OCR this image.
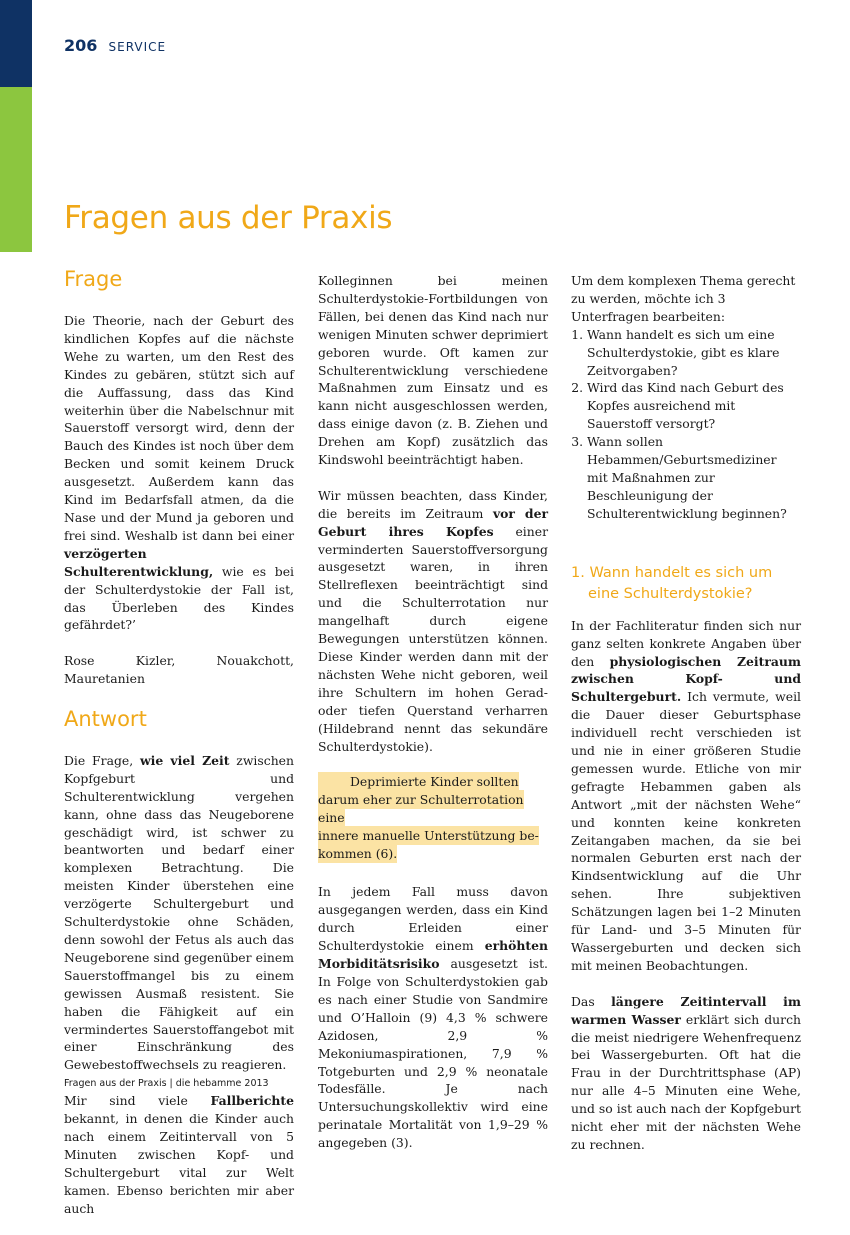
206 SERVICE
Fragen aus der Praxis
Frage

Die Theorie, nach der Geburt des kindlichen Kopfes auf die nächste Wehe zu warten, um den Rest des Kindes zu gebären, stützt sich auf die Auffassung, dass das Kind weiterhin über die Nabelschnur mit Sauerstoff versorgt wird, denn der Bauch des Kindes ist noch über dem Becken und somit keinem Druck ausgesetzt. Außerdem kann das Kind im Bedarfsfall atmen, da die Nase und der Mund ja geboren und frei sind. Weshalb ist dann bei einer verzögerten Schulterentwicklung, wie es bei der Schulterdystokie der Fall ist, das Überleben des Kindes gefährdet?’

Rose Kizler, Nouakchott, Mauretanien

Antwort

Die Frage, wie viel Zeit zwischen Kopfgeburt und Schulterentwicklung vergehen kann, ohne dass das Neugeborene geschädigt wird, ist schwer zu beantworten und bedarf einer komplexen Betrachtung. Die meisten Kinder überstehen eine verzögerte Schultergeburt und Schulterdystokie ohne Schäden, denn sowohl der Fetus als auch das Neugeborene sind gegenüber einem Sauerstoffmangel bis zu einem gewissen Ausmaß resistent. Sie haben die Fähigkeit auf ein vermindertes Sauerstoffangebot mit einer Einschränkung des Gewebestoffwechsels zu reagieren.

Mir sind viele Fallberichte bekannt, in denen die Kinder auch nach einem Zeitintervall von 5 Minuten zwischen Kopf- und Schultergeburt vital zur Welt kamen. Ebenso berichten mir aber auch

Kolleginnen bei meinen Schulterdystokie-Fortbildungen von Fällen, bei denen das Kind nach nur wenigen Minuten schwer deprimiert geboren wurde. Oft kamen zur Schulterentwicklung verschiedene Maßnahmen zum Einsatz und es kann nicht ausgeschlossen werden, dass einige davon (z. B. Ziehen und Drehen am Kopf) zusätzlich das Kindswohl beeinträchtigt haben.

Wir müssen beachten, dass Kinder, die bereits im Zeitraum vor der Geburt ihres Kopfes einer verminderten Sauerstoffversorgung ausgesetzt waren, in ihren Stellreflexen beeinträchtigt sind und die Schulterrotation nur mangelhaft durch eigene Bewegungen unterstützen können. Diese Kinder werden dann mit der nächsten Wehe nicht geboren, weil ihre Schultern im hohen Gerad- oder tiefen Querstand verharren (Hildebrand nennt das sekundäre Schulterdystokie).

Deprimierte Kinder sollten
darum eher zur Schulterrotation eine
innere manuelle Unterstützung be-
kommen (6).

In jedem Fall muss davon ausgegangen werden, dass ein Kind durch Erleiden einer Schulterdystokie einem erhöhten Morbiditätsrisiko ausgesetzt ist. In Folge von Schulterdystokien gab es nach einer Studie von Sandmire und O’Halloin (9) 4,3 % schwere Azidosen, 2,9 % Mekoniumaspirationen, 7,9 % Totgeburten und 2,9 % neonatale Todesfälle. Je nach Untersuchungskollektiv wird eine perinatale Mortalität von 1,9–29 % angegeben (3).

Um dem komplexen Thema gerecht zu werden, möchte ich 3 Unterfragen bearbeiten:

1. Wann handelt es sich um eine Schulterdystokie, gibt es klare Zeitvorgaben?
2. Wird das Kind nach Geburt des Kopfes ausreichend mit Sauerstoff versorgt?
3. Wann sollen Hebammen/Geburtsmediziner mit Maßnahmen zur Beschleunigung der Schulterentwicklung beginnen?
1. Wann handelt es sich um
eine Schulterdystokie?

In der Fachliteratur finden sich nur ganz selten konkrete Angaben über den physiologischen Zeitraum zwischen Kopf- und Schultergeburt. Ich vermute, weil die Dauer dieser Geburtsphase individuell recht verschieden ist und nie in einer größeren Studie gemessen wurde. Etliche von mir gefragte Hebammen gaben als Antwort „mit der nächsten Wehe“ und konnten keine konkreten Zeitangaben machen, da sie bei normalen Geburten erst nach der Kindsentwicklung auf die Uhr sehen. Ihre subjektiven Schätzungen lagen bei 1–2 Minuten für Land- und 3–5 Minuten für Wassergeburten und decken sich mit meinen Beobachtungen.

Das längere Zeitintervall im warmen Wasser erklärt sich durch die meist niedrigere Wehenfrequenz bei Wassergeburten. Oft hat die Frau in der Durchtrittsphase (AP) nur alle 4–5 Minuten eine Wehe, und so ist auch nach der Kopfgeburt nicht eher mit der nächsten Wehe zu rechnen.

Fragen aus der Praxis | die hebamme 2013
